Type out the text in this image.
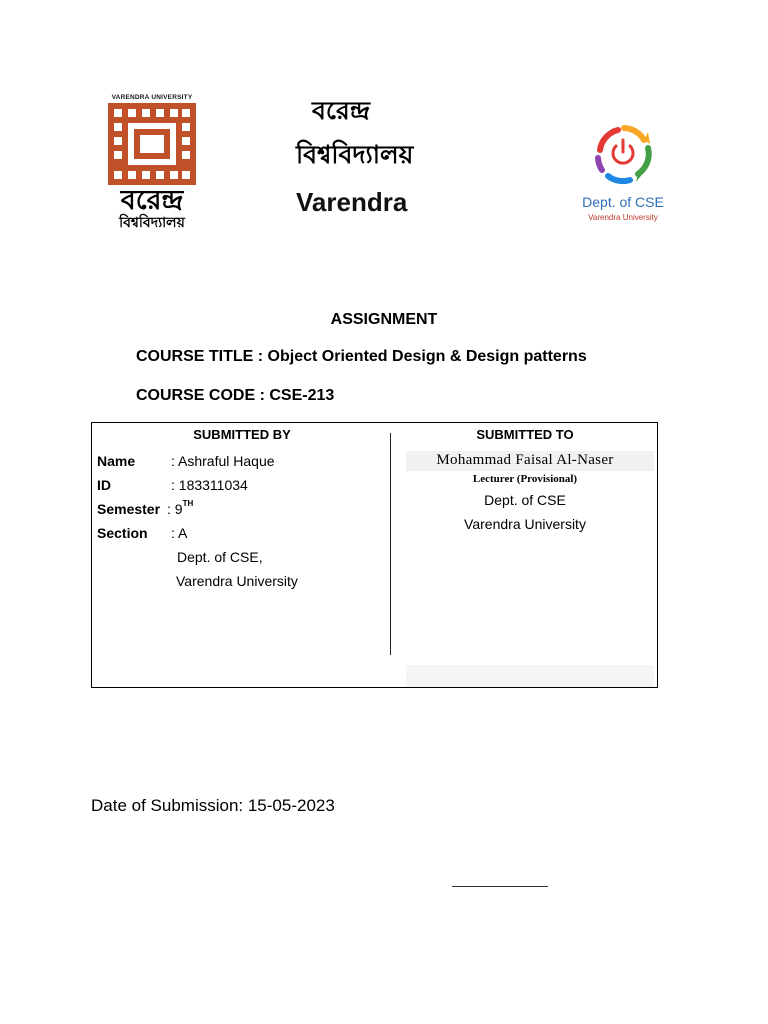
VARENDRA UNIVERSITY
বরেন্দ্র
বিশ্ববিদ্যালয়
বরেন্দ্র
বিশ্ববিদ্যালয়
Varendra	Dept. of CSE
Varendra University
ASSIGNMENT
COURSE TITLE : Object Oriented Design & Design patterns
COURSE CODE : CSE-213
SUBMITTED BY
Name	: Ashraful Haque
ID	: 183311034
Semester : 9TH
Section : A
Dept. of CSE,
Varendra University
SUBMITTED TO
Mohammad Faisal Al-Naser
Lecturer (Provisional)
Dept. of CSE
Varendra University
Date of Submission: 15-05-2023
